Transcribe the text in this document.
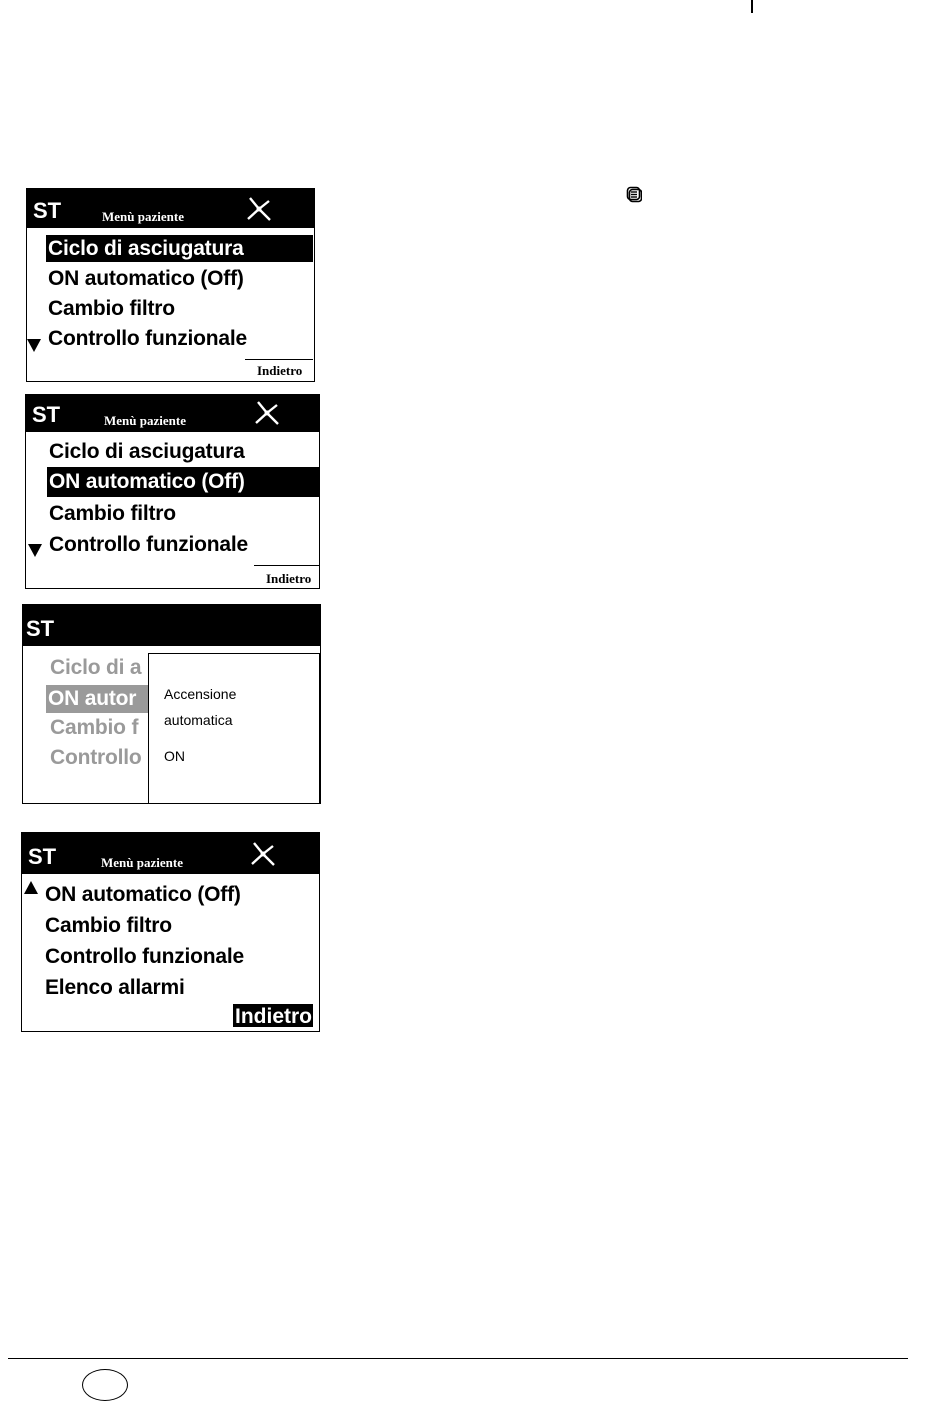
ST	Menù paziente
Ciclo di asciugatura
ON automatico (Off)
Cambio filtro
Controllo funzionale
Indietro
ST	Menù paziente
Ciclo di asciugatura
ON automatico (Off)
Cambio filtro
Controllo funzionale
Indietro
ST
Ciclo di a
ON autor
Cambio f
Controllo
Accensione
automatica
ON
ST	Menù paziente
ON automatico (Off)
Cambio filtro
Controllo funzionale
Elenco allarmi
Indietro
